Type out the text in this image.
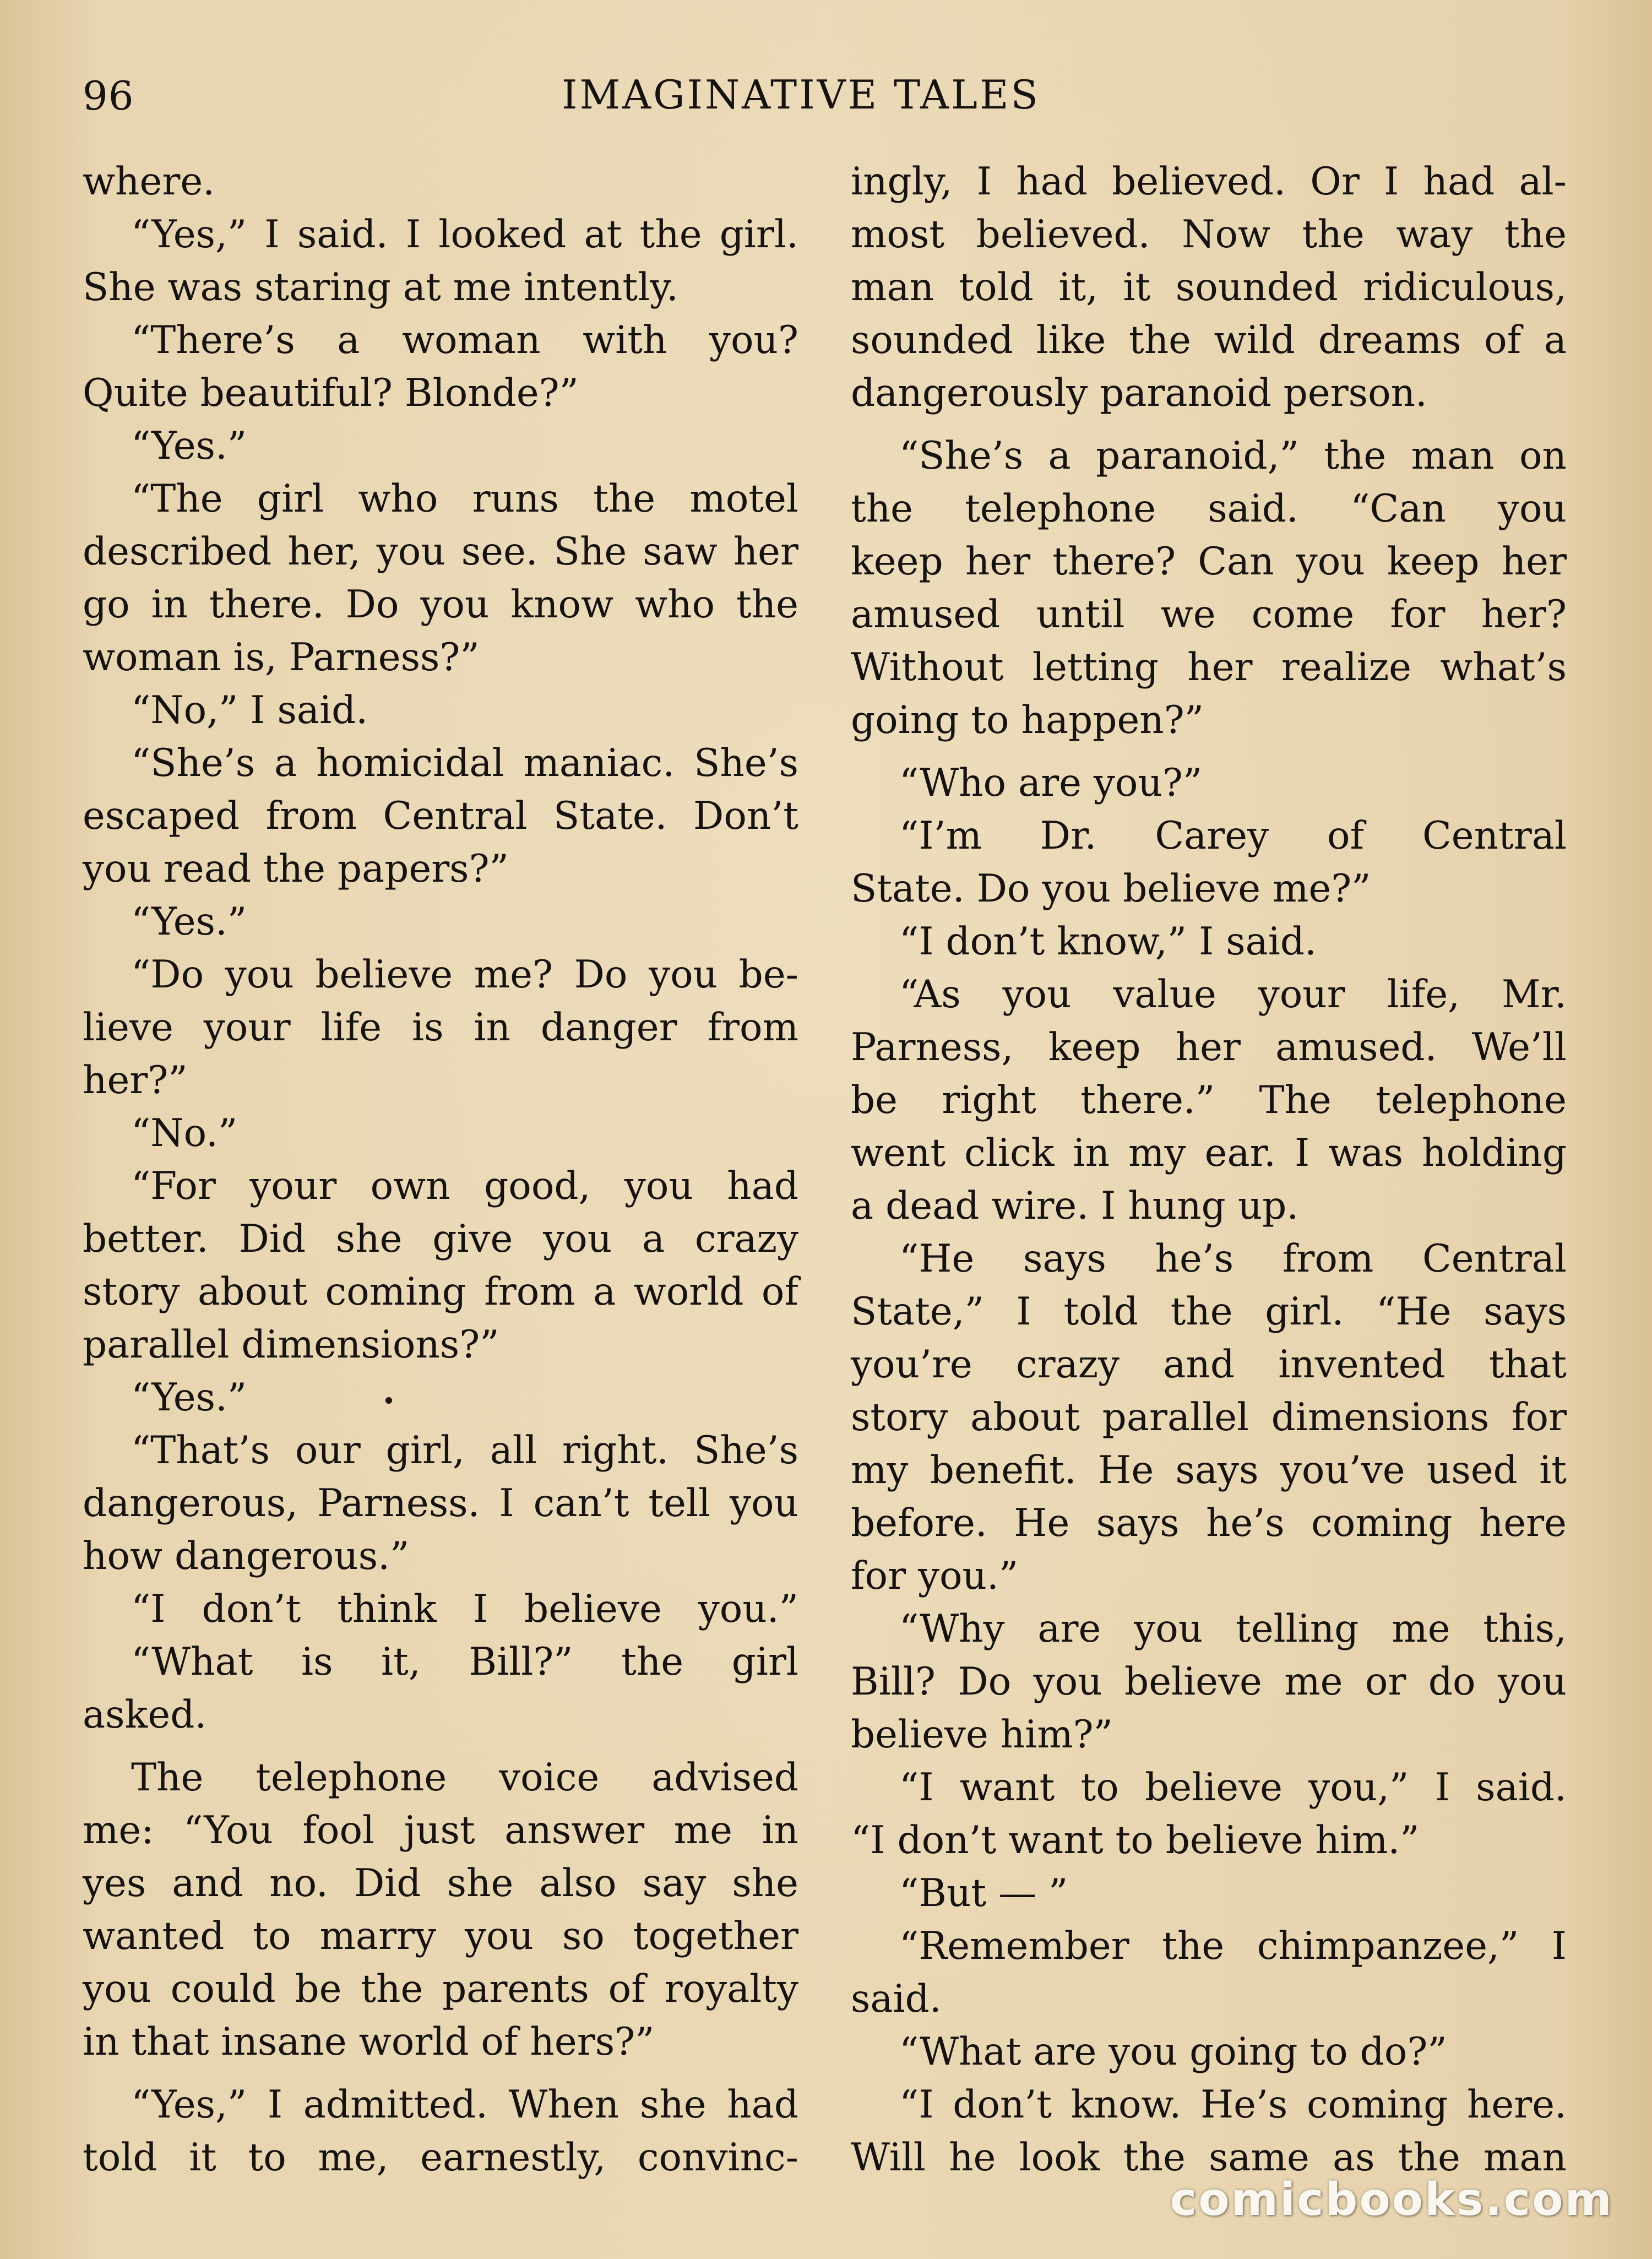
96	IMAGINATIVE TALES
where.
“Yes,” I said. I looked at the girl.
She was staring at me intently.
“There’s a woman with you?
Quite beautiful? Blonde?”
“Yes.”
“The girl who runs the motel
described her, you see. She saw her
go in there. Do you know who the
woman is, Parness?”
“No,” I said.
“She’s a homicidal maniac. She’s
escaped from Central State. Don’t
you read the papers?”
“Yes.”
“Do you believe me? Do you be-
lieve your life is in danger from
her?”
“No.”
“For your own good, you had
better. Did she give you a crazy
story about coming from a world of
parallel dimensions?”
“Yes.”
“That’s our girl, all right. She’s
dangerous, Parness. I can’t tell you
how dangerous.”
“I don’t think I believe you.”
“What is it, Bill?” the girl
asked.
The telephone voice advised
me: “You fool just answer me in
yes and no. Did she also say she
wanted to marry you so together
you could be the parents of royalty
in that insane world of hers?”
“Yes,” I admitted. When she had
told it to me, earnestly, convinc-
ingly, I had believed. Or I had al-
most believed. Now the way the
man told it, it sounded ridiculous,
sounded like the wild dreams of a
dangerously paranoid person.
“She’s a paranoid,” the man on
the telephone said. “Can you
keep her there? Can you keep her
amused until we come for her?
Without letting her realize what’s
going to happen?”
“Who are you?”
“I’m Dr. Carey of Central
State. Do you believe me?”
“I don’t know,” I said.
“As you value your life, Mr.
Parness, keep her amused. We’ll
be right there.” The telephone
went click in my ear. I was holding
a dead wire. I hung up.
“He says he’s from Central
State,” I told the girl. “He says
you’re crazy and invented that
story about parallel dimensions for
my benefit. He says you’ve used it
before. He says he’s coming here
for you.”
“Why are you telling me this,
Bill? Do you believe me or do you
believe him?”
“I want to believe you,” I said.
“I don’t want to believe him.”
“But — ”
“Remember the chimpanzee,” I
said.
“What are you going to do?”
“I don’t know. He’s coming here.
Will he look the same as the man
comicbooks.com
